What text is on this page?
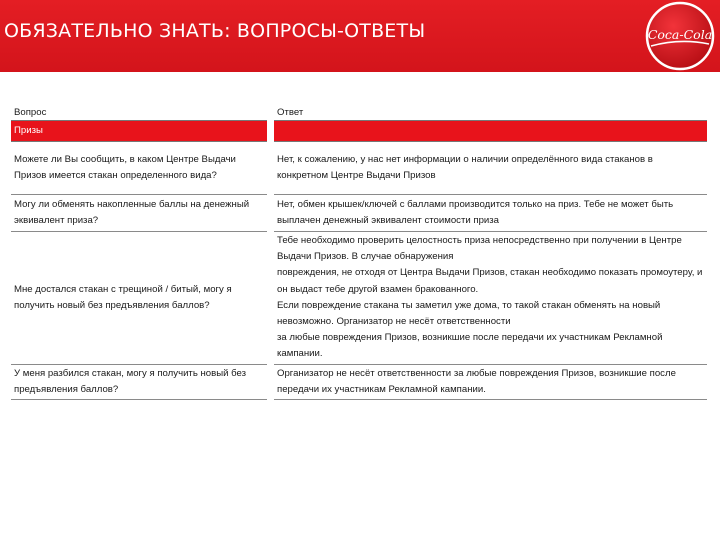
ОБЯЗАТЕЛЬНО ЗНАТЬ: ВОПРОСЫ-ОТВЕТЫ	Coca-Cola
Вопрос		Ответ
Призы		
Можете ли Вы сообщить, в каком Центре Выдачи Призов имеется стакан определенного вида?		Нет, к сожалению, у нас нет информации о наличии определённого вида стаканов в конкретном Центре Выдачи Призов
Могу ли обменять накопленные баллы на денежный эквивалент приза?		Нет, обмен крышек/ключей с баллами производится только на приз. Тебе не может быть выплачен денежный эквивалент стоимости приза
Мне достался стакан с трещиной / битый, могу я получить новый без предъявления баллов?		Тебе необходимо проверить целостность приза непосредственно при получении в Центре Выдачи Призов. В случае обнаружения
повреждения, не отходя от Центра Выдачи Призов, стакан необходимо показать промоутеру, и он выдаст тебе другой взамен бракованного.
Если повреждение стакана ты заметил уже дома, то такой стакан обменять на новый невозможно. Организатор не несёт ответственности
за любые повреждения Призов, возникшие после передачи их участникам Рекламной кампании.

У меня разбился стакан, могу я получить новый без предъявления баллов?		Организатор не несёт ответственности за любые повреждения Призов, возникшие после передачи их участникам Рекламной кампании.
